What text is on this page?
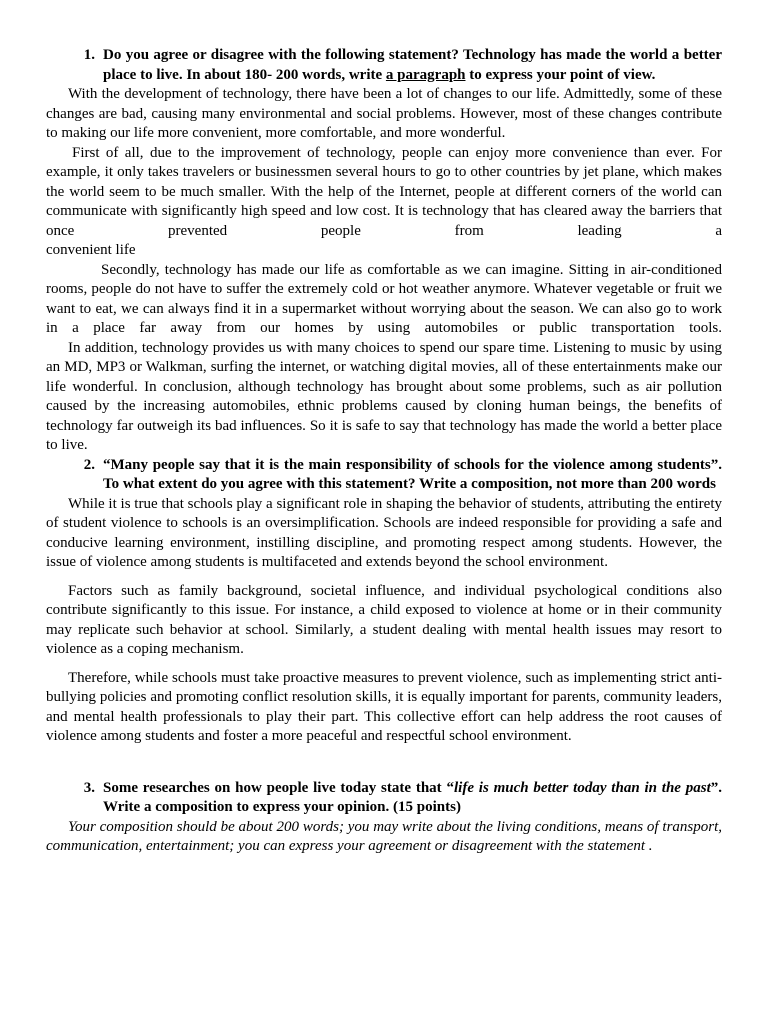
1. Do you agree or disagree with the following statement? Technology has made the world a better place to live. In about 180- 200 words, write a paragraph to express your point of view.

With the development of technology, there have been a lot of changes to our life. Admittedly, some of these changes are bad, causing many environmental and social problems. However, most of these changes contribute to making our life more convenient, more comfortable, and more wonderful.

First of all, due to the improvement of technology, people can enjoy more convenience than ever. For example, it only takes travelers or businessmen several hours to go to other countries by jet plane, which makes the world seem to be much smaller. With the help of the Internet, people at different corners of the world can communicate with significantly high speed and low cost. It is technology that has cleared away the barriers that once prevented people from leading a

convenient life

Secondly, technology has made our life as comfortable as we can imagine. Sitting in air-conditioned rooms, people do not have to suffer the extremely cold or hot weather anymore. Whatever vegetable or fruit we want to eat, we can always find it in a supermarket without worrying about the season. We can also go to work in a place far away from our homes by using automobiles or public transportation tools.

In addition, technology provides us with many choices to spend our spare time. Listening to music by using an MD, MP3 or Walkman, surfing the internet, or watching digital movies, all of these entertainments make our life wonderful. In conclusion, although technology has brought about some problems, such as air pollution caused by the increasing automobiles, ethnic problems caused by cloning human beings, the benefits of technology far outweigh its bad influences. So it is safe to say that technology has made the world a better place to live.

2. “Many people say that it is the main responsibility of schools for the violence among students”. To what extent do you agree with this statement? Write a composition, not more than 200 words

While it is true that schools play a significant role in shaping the behavior of students, attributing the entirety of student violence to schools is an oversimplification. Schools are indeed responsible for providing a safe and conducive learning environment, instilling discipline, and promoting respect among students. However, the issue of violence among students is multifaceted and extends beyond the school environment.

Factors such as family background, societal influence, and individual psychological conditions also contribute significantly to this issue. For instance, a child exposed to violence at home or in their community may replicate such behavior at school. Similarly, a student dealing with mental health issues may resort to violence as a coping mechanism.

Therefore, while schools must take proactive measures to prevent violence, such as implementing strict anti-bullying policies and promoting conflict resolution skills, it is equally important for parents, community leaders, and mental health professionals to play their part. This collective effort can help address the root causes of violence among students and foster a more peaceful and respectful school environment.

3. Some researches on how people live today state that “life is much better today than in the past”. Write a composition to express your opinion. (15 points)

Your composition should be about 200 words; you may write about the living conditions, means of transport, communication, entertainment; you can express your agreement or disagreement with the statement .
